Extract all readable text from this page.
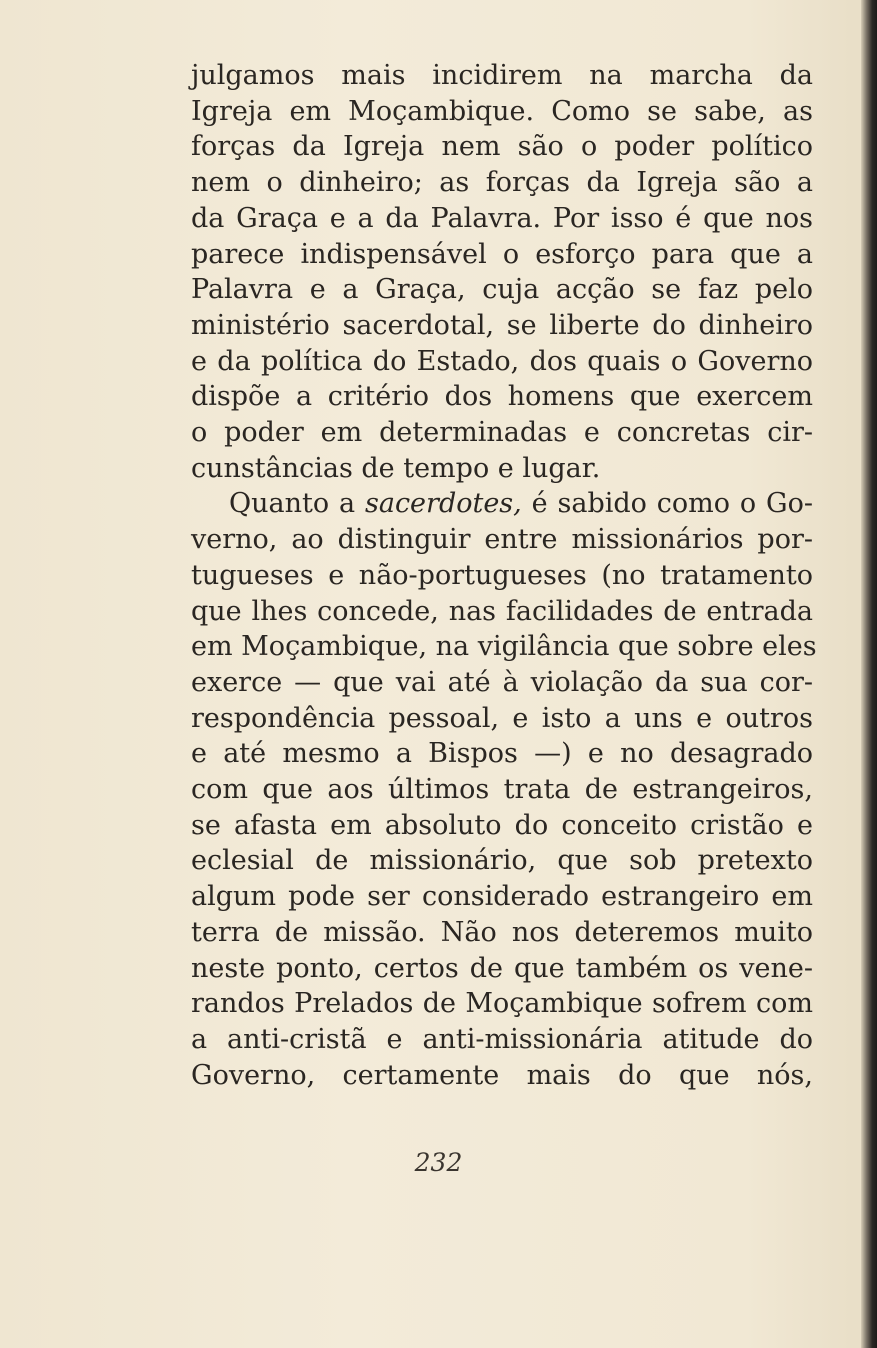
julgamos mais incidirem na marcha da
Igreja em Moçambique. Como se sabe, as
forças da Igreja nem são o poder político
nem o dinheiro; as forças da Igreja são a
da Graça e a da Palavra. Por isso é que nos
parece indispensável o esforço para que a
Palavra e a Graça, cuja acção se faz pelo
ministério sacerdotal, se liberte do dinheiro
e da política do Estado, dos quais o Governo
dispõe a critério dos homens que exercem
o poder em determinadas e concretas cir-
cunstâncias de tempo e lugar.

Quanto a sacerdotes, é sabido como o Go-
verno, ao distinguir entre missionários por-
tugueses e não-portugueses (no tratamento
que lhes concede, nas facilidades de entrada
em Moçambique, na vigilância que sobre eles
exerce — que vai até à violação da sua cor-
respondência pessoal, e isto a uns e outros
e até mesmo a Bispos —) e no desagrado
com que aos últimos trata de estrangeiros,
se afasta em absoluto do conceito cristão e
eclesial de missionário, que sob pretexto
algum pode ser considerado estrangeiro em
terra de missão. Não nos deteremos muito
neste ponto, certos de que também os vene-
randos Prelados de Moçambique sofrem com
a anti-cristã e anti-missionária atitude do
Governo, certamente mais do que nós,

232
